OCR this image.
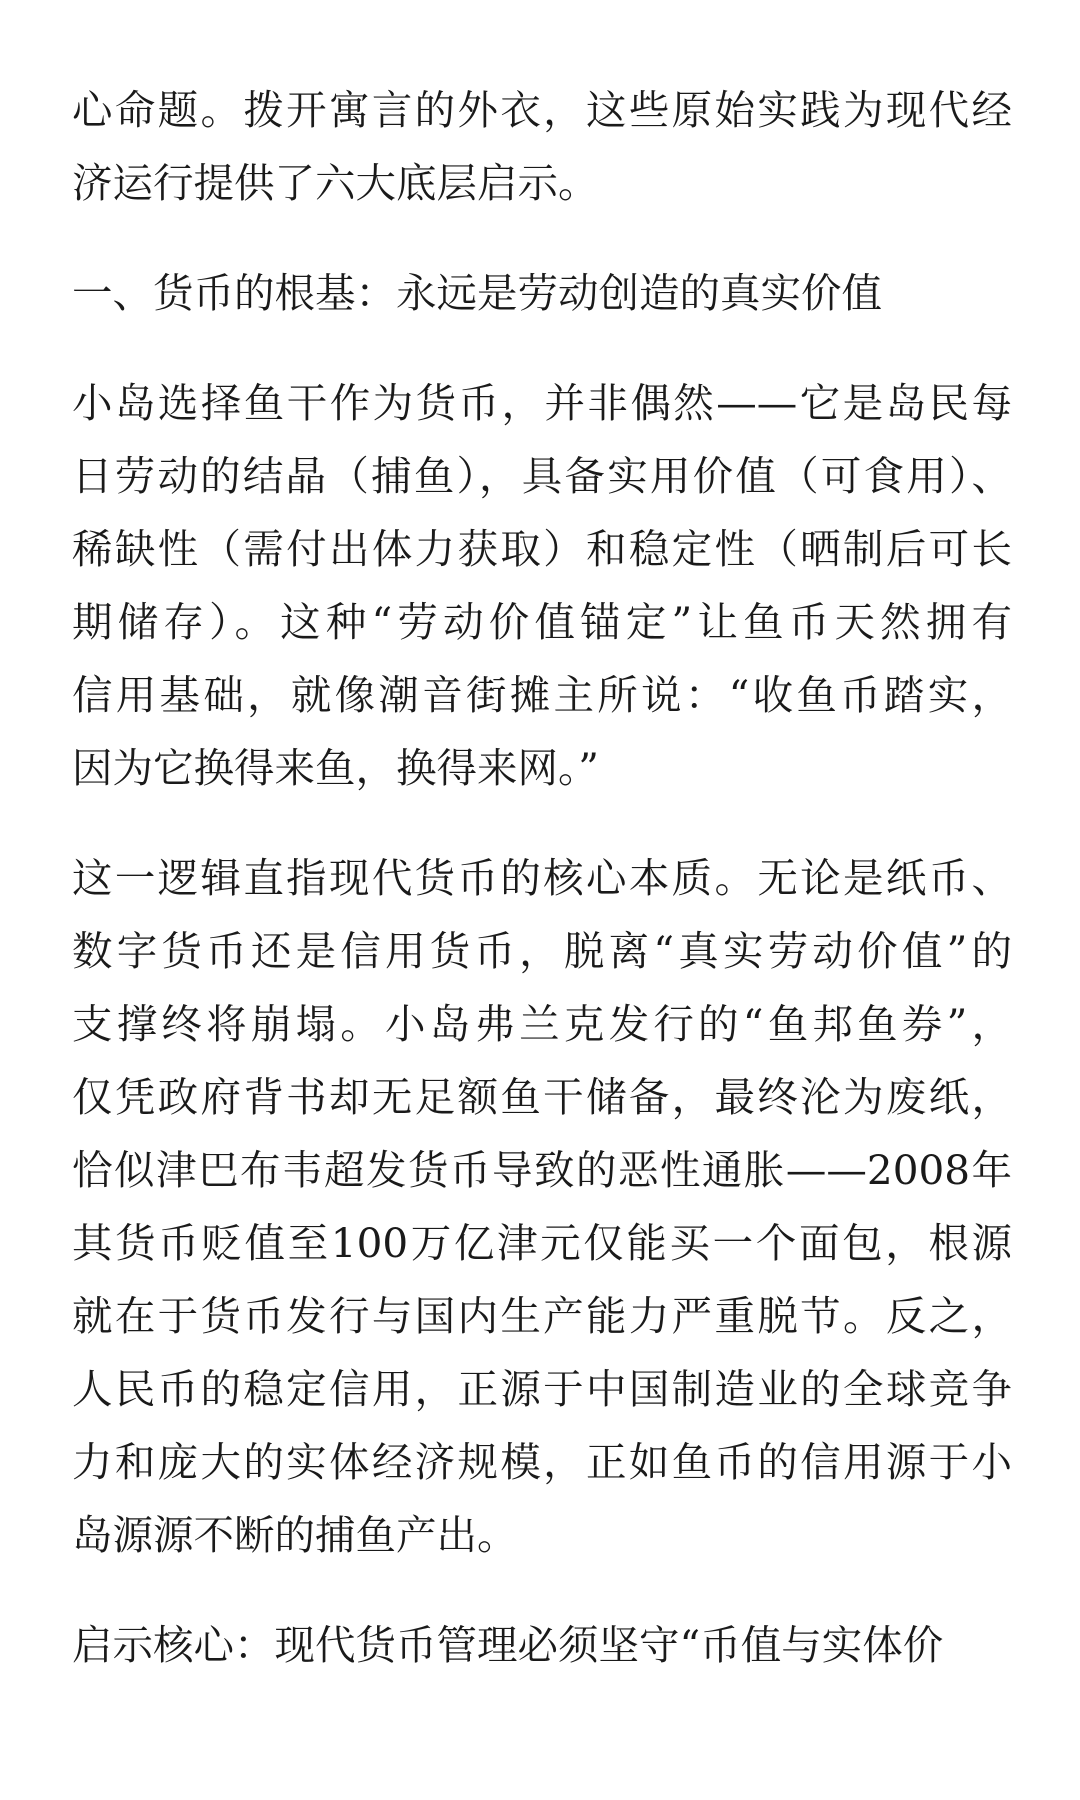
心命题。拨开寓言的外衣，这些原始实践为现代经
济运行提供了六大底层启示。
一、货币的根基：永远是劳动创造的真实价值
小岛选择鱼干作为货币，并非偶然——它是岛民每
日劳动的结晶（捕鱼），具备实用价值（可食用）、
稀缺性（需付出体力获取）和稳定性（晒制后可长
期储存）。这种“劳动价值锚定”让鱼币天然拥有
信用基础，就像潮音街摊主所说：“收鱼币踏实，
因为它换得来鱼，换得来网。”
这一逻辑直指现代货币的核心本质。无论是纸币、
数字货币还是信用货币，脱离“真实劳动价值”的
支撑终将崩塌。小岛弗兰克发行的“鱼邦鱼券”，
仅凭政府背书却无足额鱼干储备，最终沦为废纸，
恰似津巴布韦超发货币导致的恶性通胀——2008年
其货币贬值至100万亿津元仅能买一个面包，根源
就在于货币发行与国内生产能力严重脱节。反之，
人民币的稳定信用，正源于中国制造业的全球竞争
力和庞大的实体经济规模，正如鱼币的信用源于小
岛源源不断的捕鱼产出。
启示核心：现代货币管理必须坚守“币值与实体价
